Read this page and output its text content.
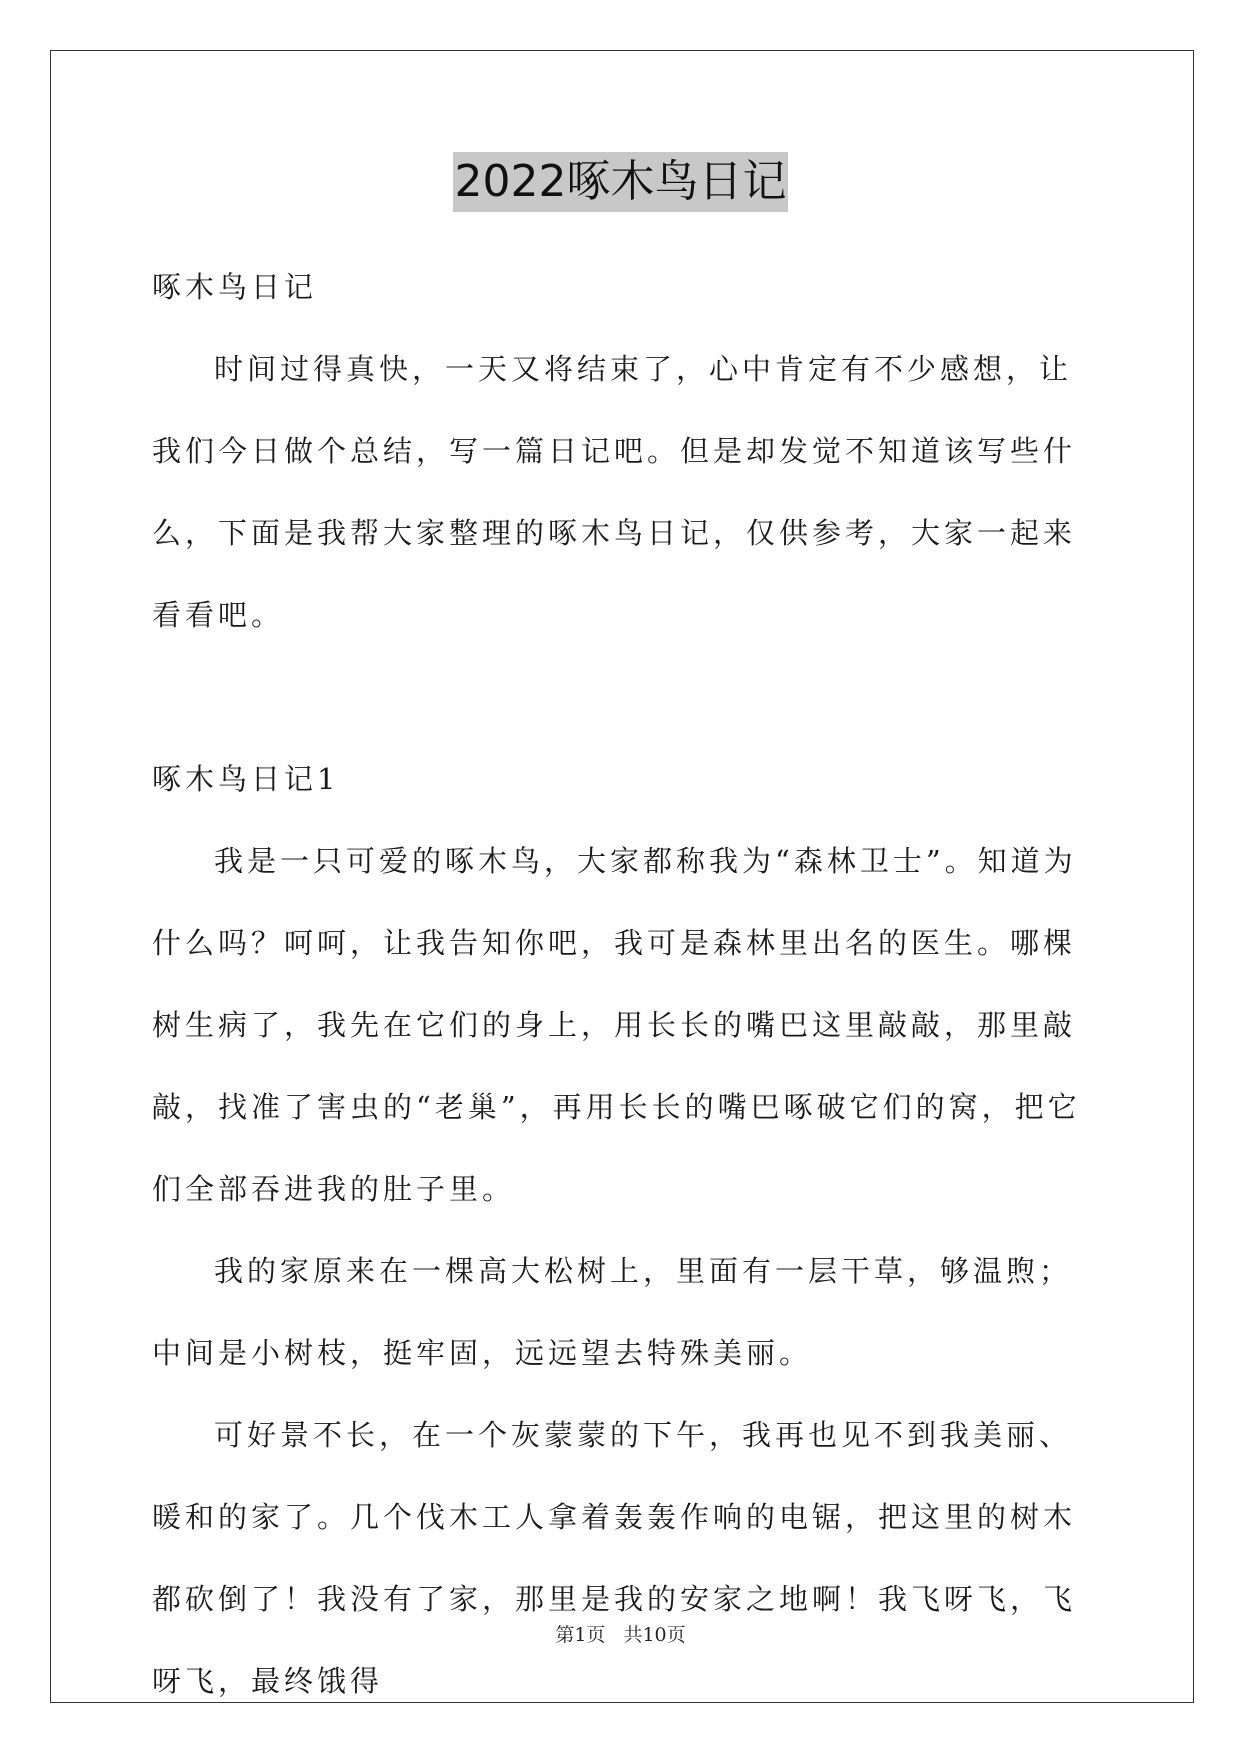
2022啄木鸟日记

啄木鸟日记

时间过得真快，一天又将结束了，心中肯定有不少感想，让我们今日做个总结，写一篇日记吧。但是却发觉不知道该写些什么，下面是我帮大家整理的啄木鸟日记，仅供参考，大家一起来看看吧。

啄木鸟日记1

我是一只可爱的啄木鸟，大家都称我为“森林卫士”。知道为什么吗？呵呵，让我告知你吧，我可是森林里出名的医生。哪棵树生病了，我先在它们的身上，用长长的嘴巴这里敲敲，那里敲敲，找准了害虫的“老巢”，再用长长的嘴巴啄破它们的窝，把它们全部吞进我的肚子里。

我的家原来在一棵高大松树上，里面有一层干草，够温煦；中间是小树枝，挺牢固，远远望去特殊美丽。

可好景不长，在一个灰蒙蒙的下午，我再也见不到我美丽、暖和的家了。几个伐木工人拿着轰轰作响的电锯，把这里的树木都砍倒了！我没有了家，那里是我的安家之地啊！我飞呀飞，飞呀飞，最终饿得

第1页 共10页
